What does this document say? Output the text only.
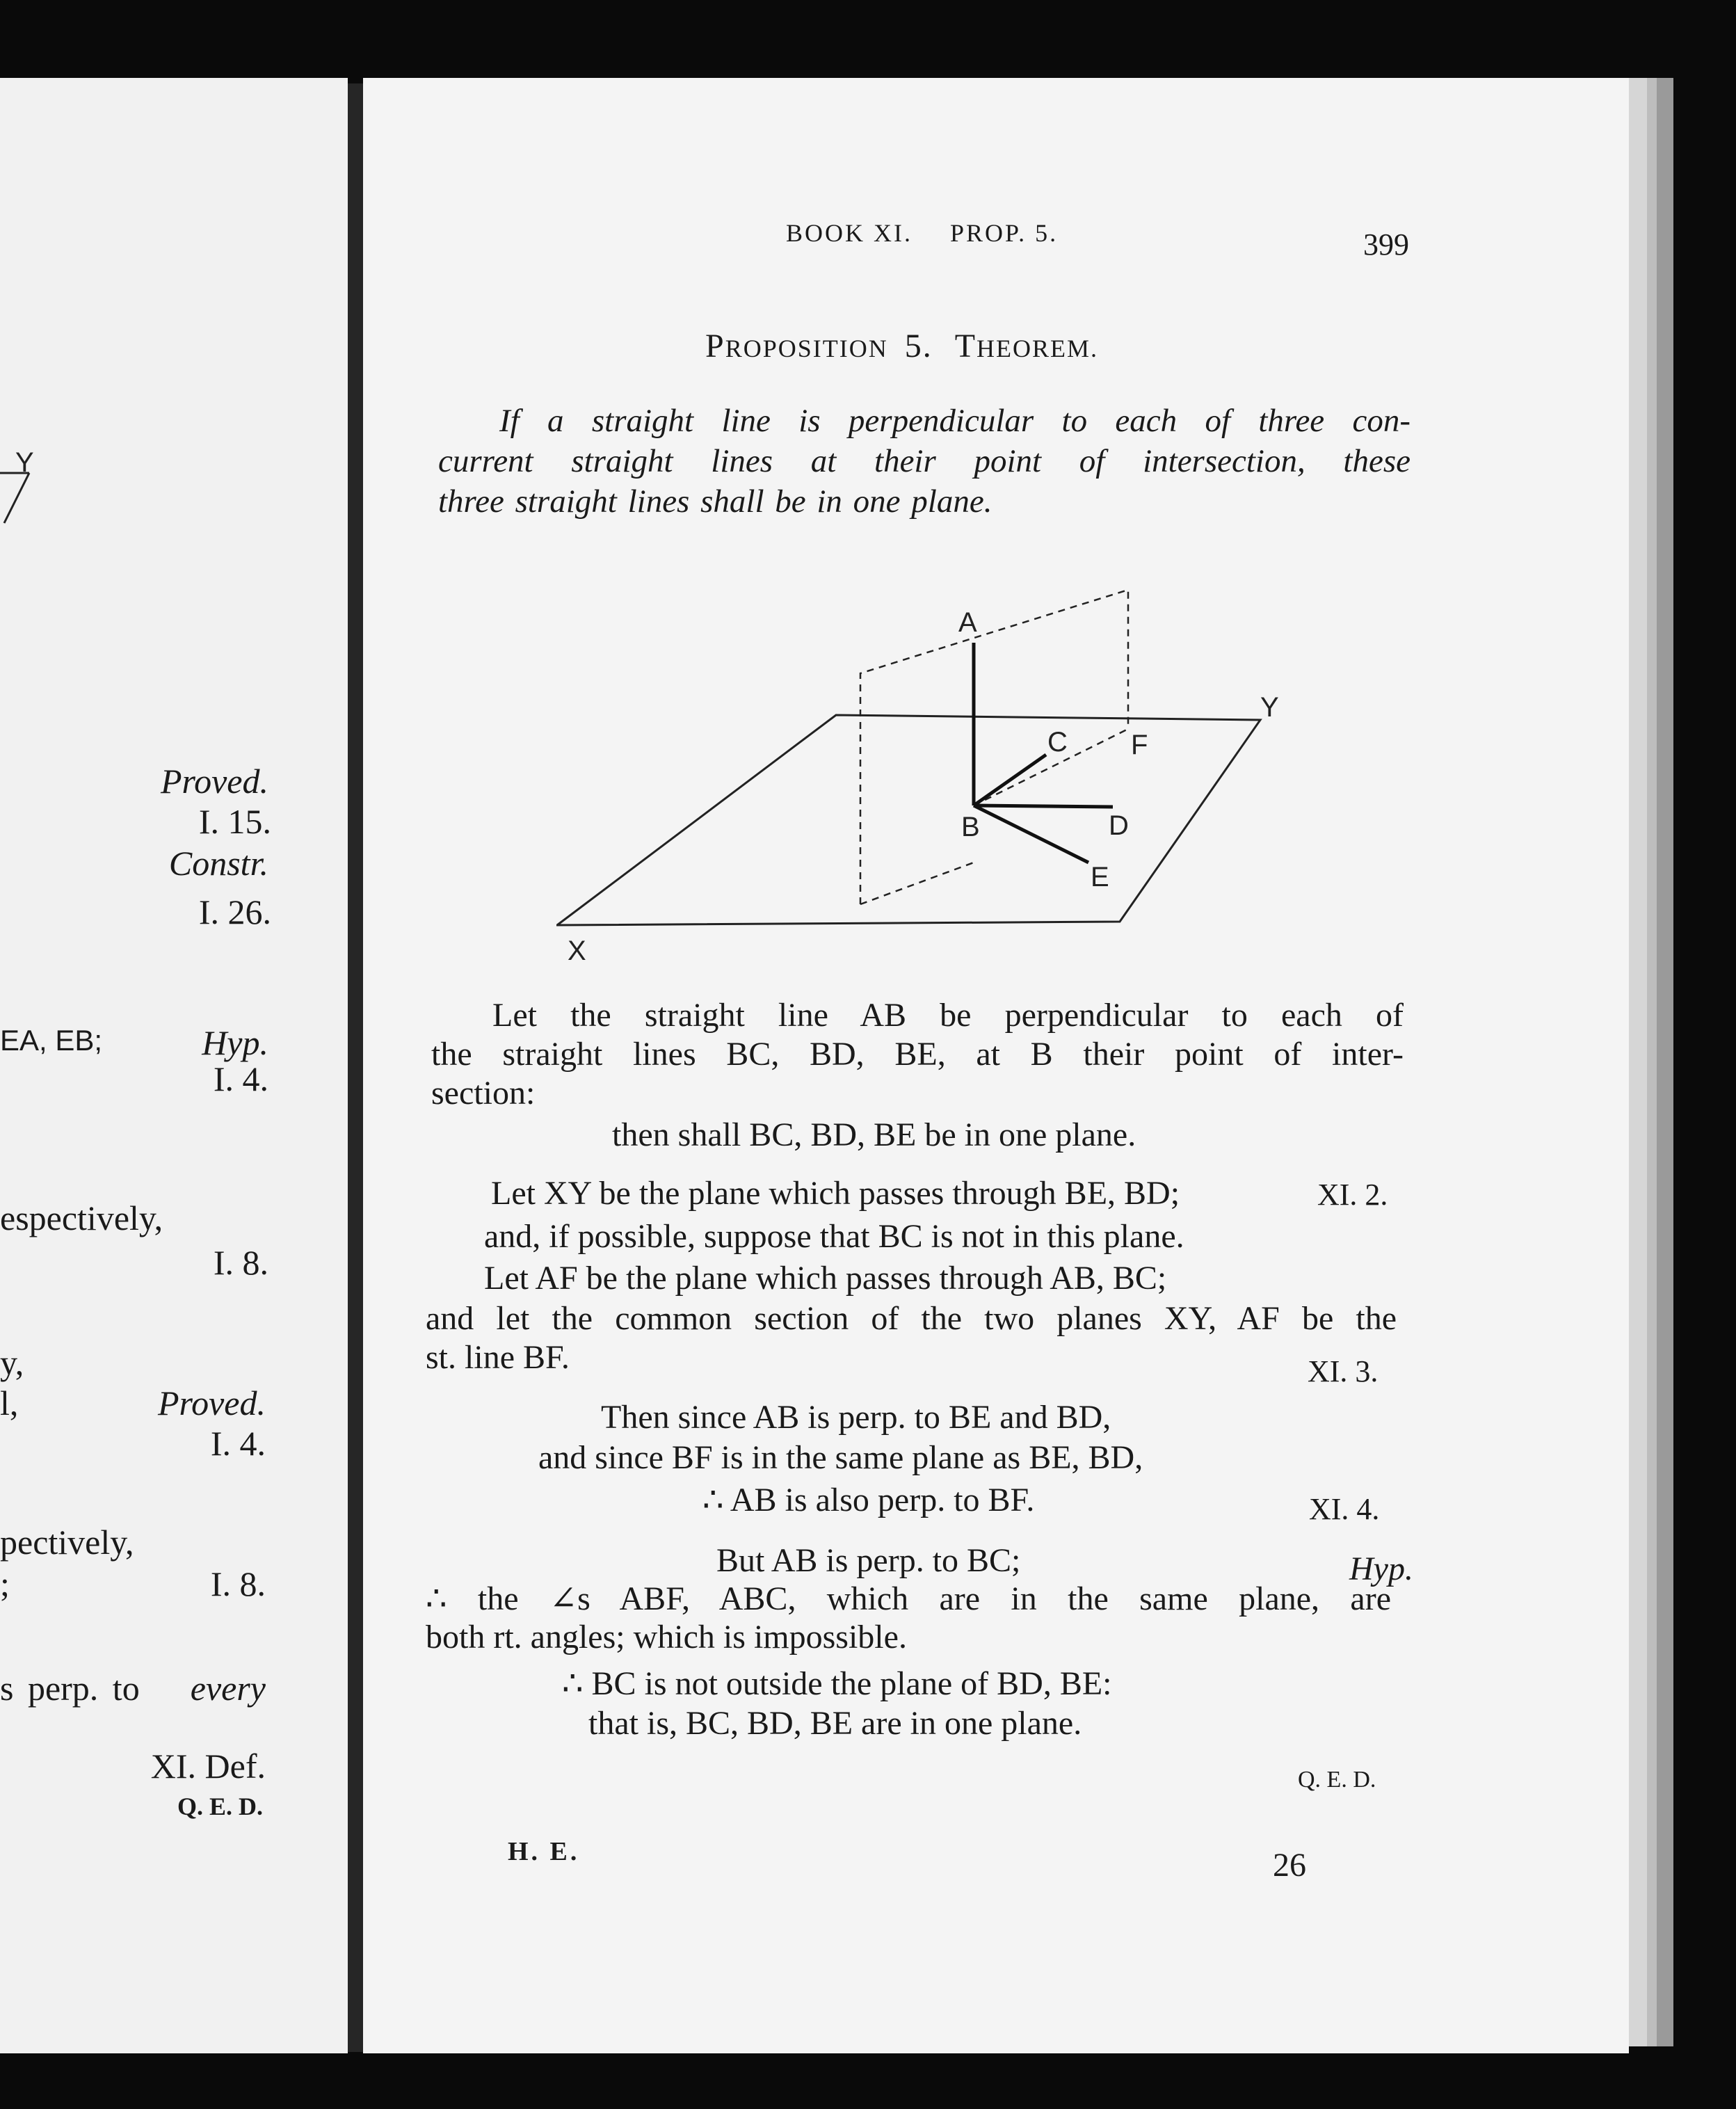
Y
Proved.
I. 15.
Constr.
I. 26.
EA, EB;	Hyp.
I. 4.
espectively,
I. 8.
y,
l,	Proved.
I. 4.
pectively,
;	I. 8.
s perp. to every
XI. Def.
Q. E. D.
BOOK XI. PROP. 5.	399
PROPOSITION 5. THEOREM.
If a straight line is perpendicular to each of three con-
current straight lines at their point of intersection, these
three straight lines shall be in one plane.
A
B
C
D
E
F
X
Y
Let the straight line AB be perpendicular to each of
the straight lines BC, BD, BE, at B their point of inter-
section:
then shall BC, BD, BE be in one plane.
Let XY be the plane which passes through BE, BD;	XI. 2.
and, if possible, suppose that BC is not in this plane.
Let AF be the plane which passes through AB, BC;
and let the common section of the two planes XY, AF be the
st. line BF.	XI. 3.
Then since AB is perp. to BE and BD,
and since BF is in the same plane as BE, BD,
∴ AB is also perp. to BF.	XI. 4.
But AB is perp. to BC;	Hyp.
∴ the ∠s ABF, ABC, which are in the same plane, are
both rt. angles; which is impossible.
∴ BC is not outside the plane of BD, BE:
that is, BC, BD, BE are in one plane.
Q. E. D.
H. E.	26
